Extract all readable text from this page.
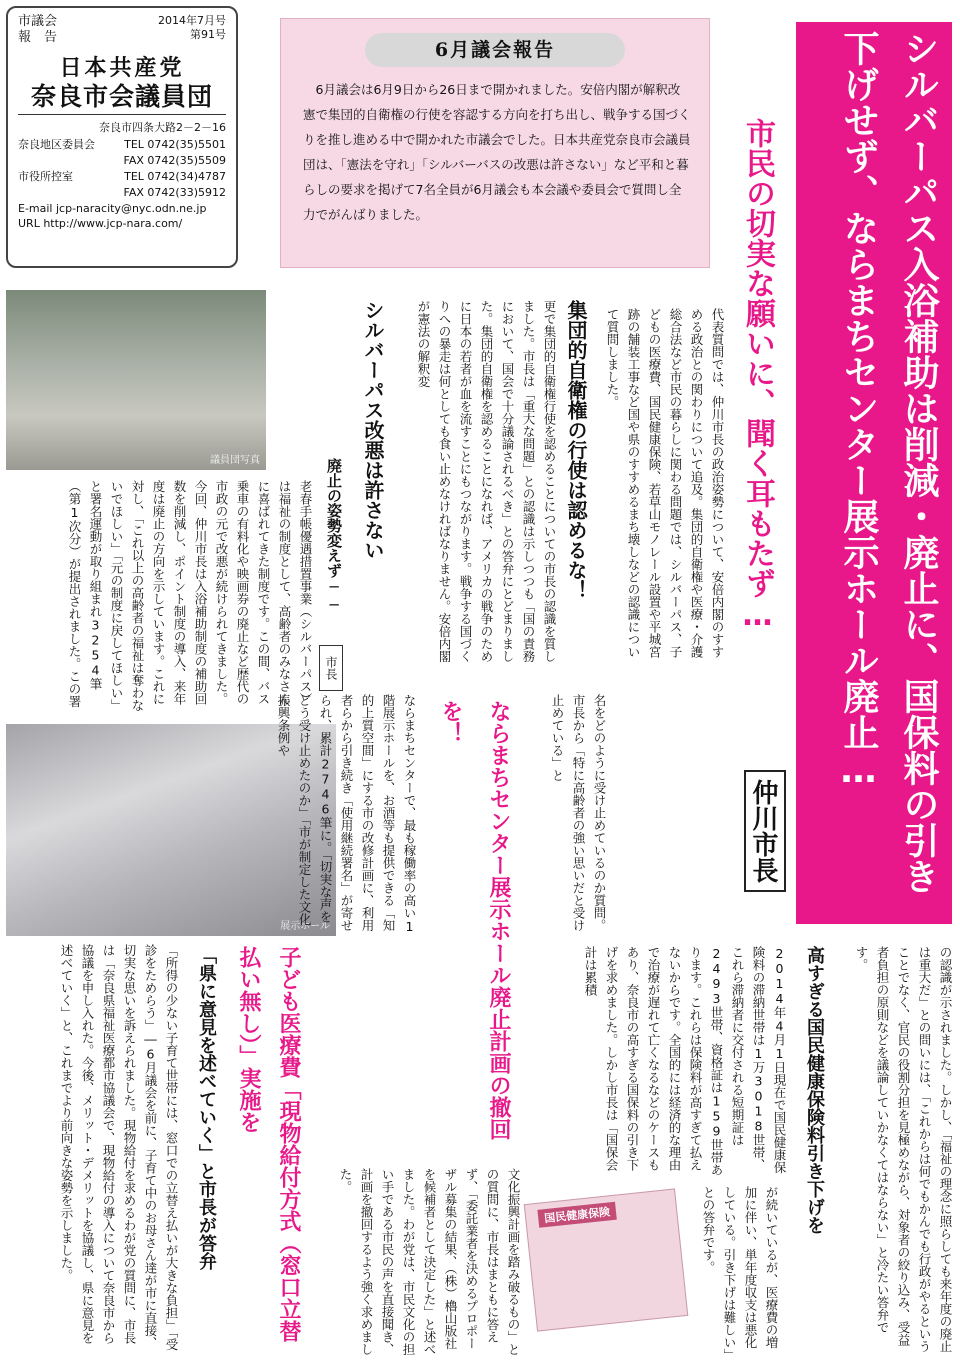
市議会
報　告
2014年7月号
第91号
日本共産党
奈良市会議員団
奈良市四条大路2－2－16
奈良地区委員会	TEL 0742(35)5501
FAX 0742(35)5509
市役所控室	TEL 0742(34)4787
FAX 0742(33)5912
E-mail jcp-naracity@nyc.odn.ne.jp
URL http://www.jcp-nara.com/
6月議会報告
6月議会は6月9日から26日まで開かれました。安倍内閣が解釈改憲で集団的自衛権の行使を容認する方向を打ち出し、戦争する国づくりを推し進める中で開かれた市議会でした。日本共産党奈良市会議員団は、「憲法を守れ」「シルバーバスの改悪は許さない」など平和と暮らしの要求を掲げて7名全員が6月議会も本会議や委員会で質問し全力でがんばりました。	シルバーパス入浴補助は削減・廃止に、国保料の引き下げせず、ならまちセンター展示ホール廃止…
市民の切実な願いに、聞く耳もたず…
仲川市長
代表質問では、仲川市長の政治姿勢について、安倍内閣のすすめる政治との関わりについて追及。集団的自衛権や医療・介護総合法など市民の暮らしに関わる問題では、シルバーパス、子どもの医療費、国民健康保険、若草山モノレール設置や平城宮跡の舗装工事など国や県のすすめるまち壊しなどの認識について質問しました。
集団的自衛権の行使は認めるな！
更で集団的自衛権行使を認めることについての市長の認識を質しました。市長は「重大な問題」との認識は示しつつも「国の責務において、国会で十分議論されるべき」との答弁にとどまりました。集団的自衛権を認めることになれば、アメリカの戦争のために日本の若者が血を流すことにもつながります。戦争する国づくりへの暴走は何としても食い止めなければなりません。安倍内閣が憲法の解釈変
シルバーパス改悪は許さない
廃止の姿勢変えず──
市長
議員団写真
老春手帳優遇措置事業（シルバーパス）は福祉の制度として、高齢者のみなさんに喜ばれてきた制度です。この間、バス乗車の有料化や映画券の廃止など歴代の市政の元で改悪が続けられてきました。今回、仲川市長は入浴補助制度の補助回数を削減し、ポイント制度の導入、来年度は廃止の方向を示しています。これに対し、「これ以上の高齢者の福祉は奪わないでほしい」「元の制度に戻してほしい」と署名運動が取り組まれ3254筆（第1次分）が提出されました。この署
展示ホール	名をどのように受け止めているのか質問。市長から「特に高齢者の強い思いだと受け止めている」と
ならまちセンター展示ホール廃止計画の撤回を！
ならまちセンターで、最も稼働率の高い1階展示ホールを、お酒等も提供できる「知的上質空間」にする市の改修計画に、利用者らから引き続き「使用継続署名」が寄せられ、累計2746筆に。「切実な声をどう受け止めたのか」「市が制定した文化振興条例や
文化振興計画を踏み破るもの」との質問に、市長はまともに答えず、「委託業者を決めるプロポーザル募集の結果、（株）櫓山版社を候補者として決定した」と述べました。わが党は、市民文化の担い手である市民の声を直接聞き、計画を撤回するよう強く求めました。
子ども医療費「現物給付方式（窓口立替払い無し）」実施を
「県に意見を述べていく」と市長が答弁
「所得の少ない子育て世帯には、窓口での立替え払いが大きな負担」「受診をためらう」―6月議会を前に、子育て中のお母さん達が市に直接、切実な思いを訴えられました。現物給付を求めるわが党の質問に、市長は「奈良県福祉医療都市協議会で、現物給付の導入について奈良市から協議を申し入れた。今後、メリット・デメリットを協議し、県に意見を述べていく」と、これまでより前向きな姿勢を示しました。	高すぎる国民健康保険料引き下げを
2014年4月1日現在で国民健康保険料の滞納世帯は1万3018世帯、これら滞納者に交付される短期証は2493世帯、資格証は159世帯あります。これらは保険料が高すぎて払えないからです。全国的には経済的な理由で治療が遅れて亡くなるなどのケースもあり、奈良市の高すぎる国保料の引き下げを求めました。しかし市長は「国保会計は累積
国民健康保険	が続いているが、医療費の増加に伴い、単年度収支は悪化している。引き下げは難しい」との答弁です。	の認識が示されました。しかし、「福祉の理念に照らしても来年度の廃止は重大だ」との問いには、「これからは何でもかんでも行政がやるということでなく、官民の役割分担を見極めながら、対象者の絞り込み、受益者負担の原則などを議論していかなくてはならない」と冷たい答弁です。
